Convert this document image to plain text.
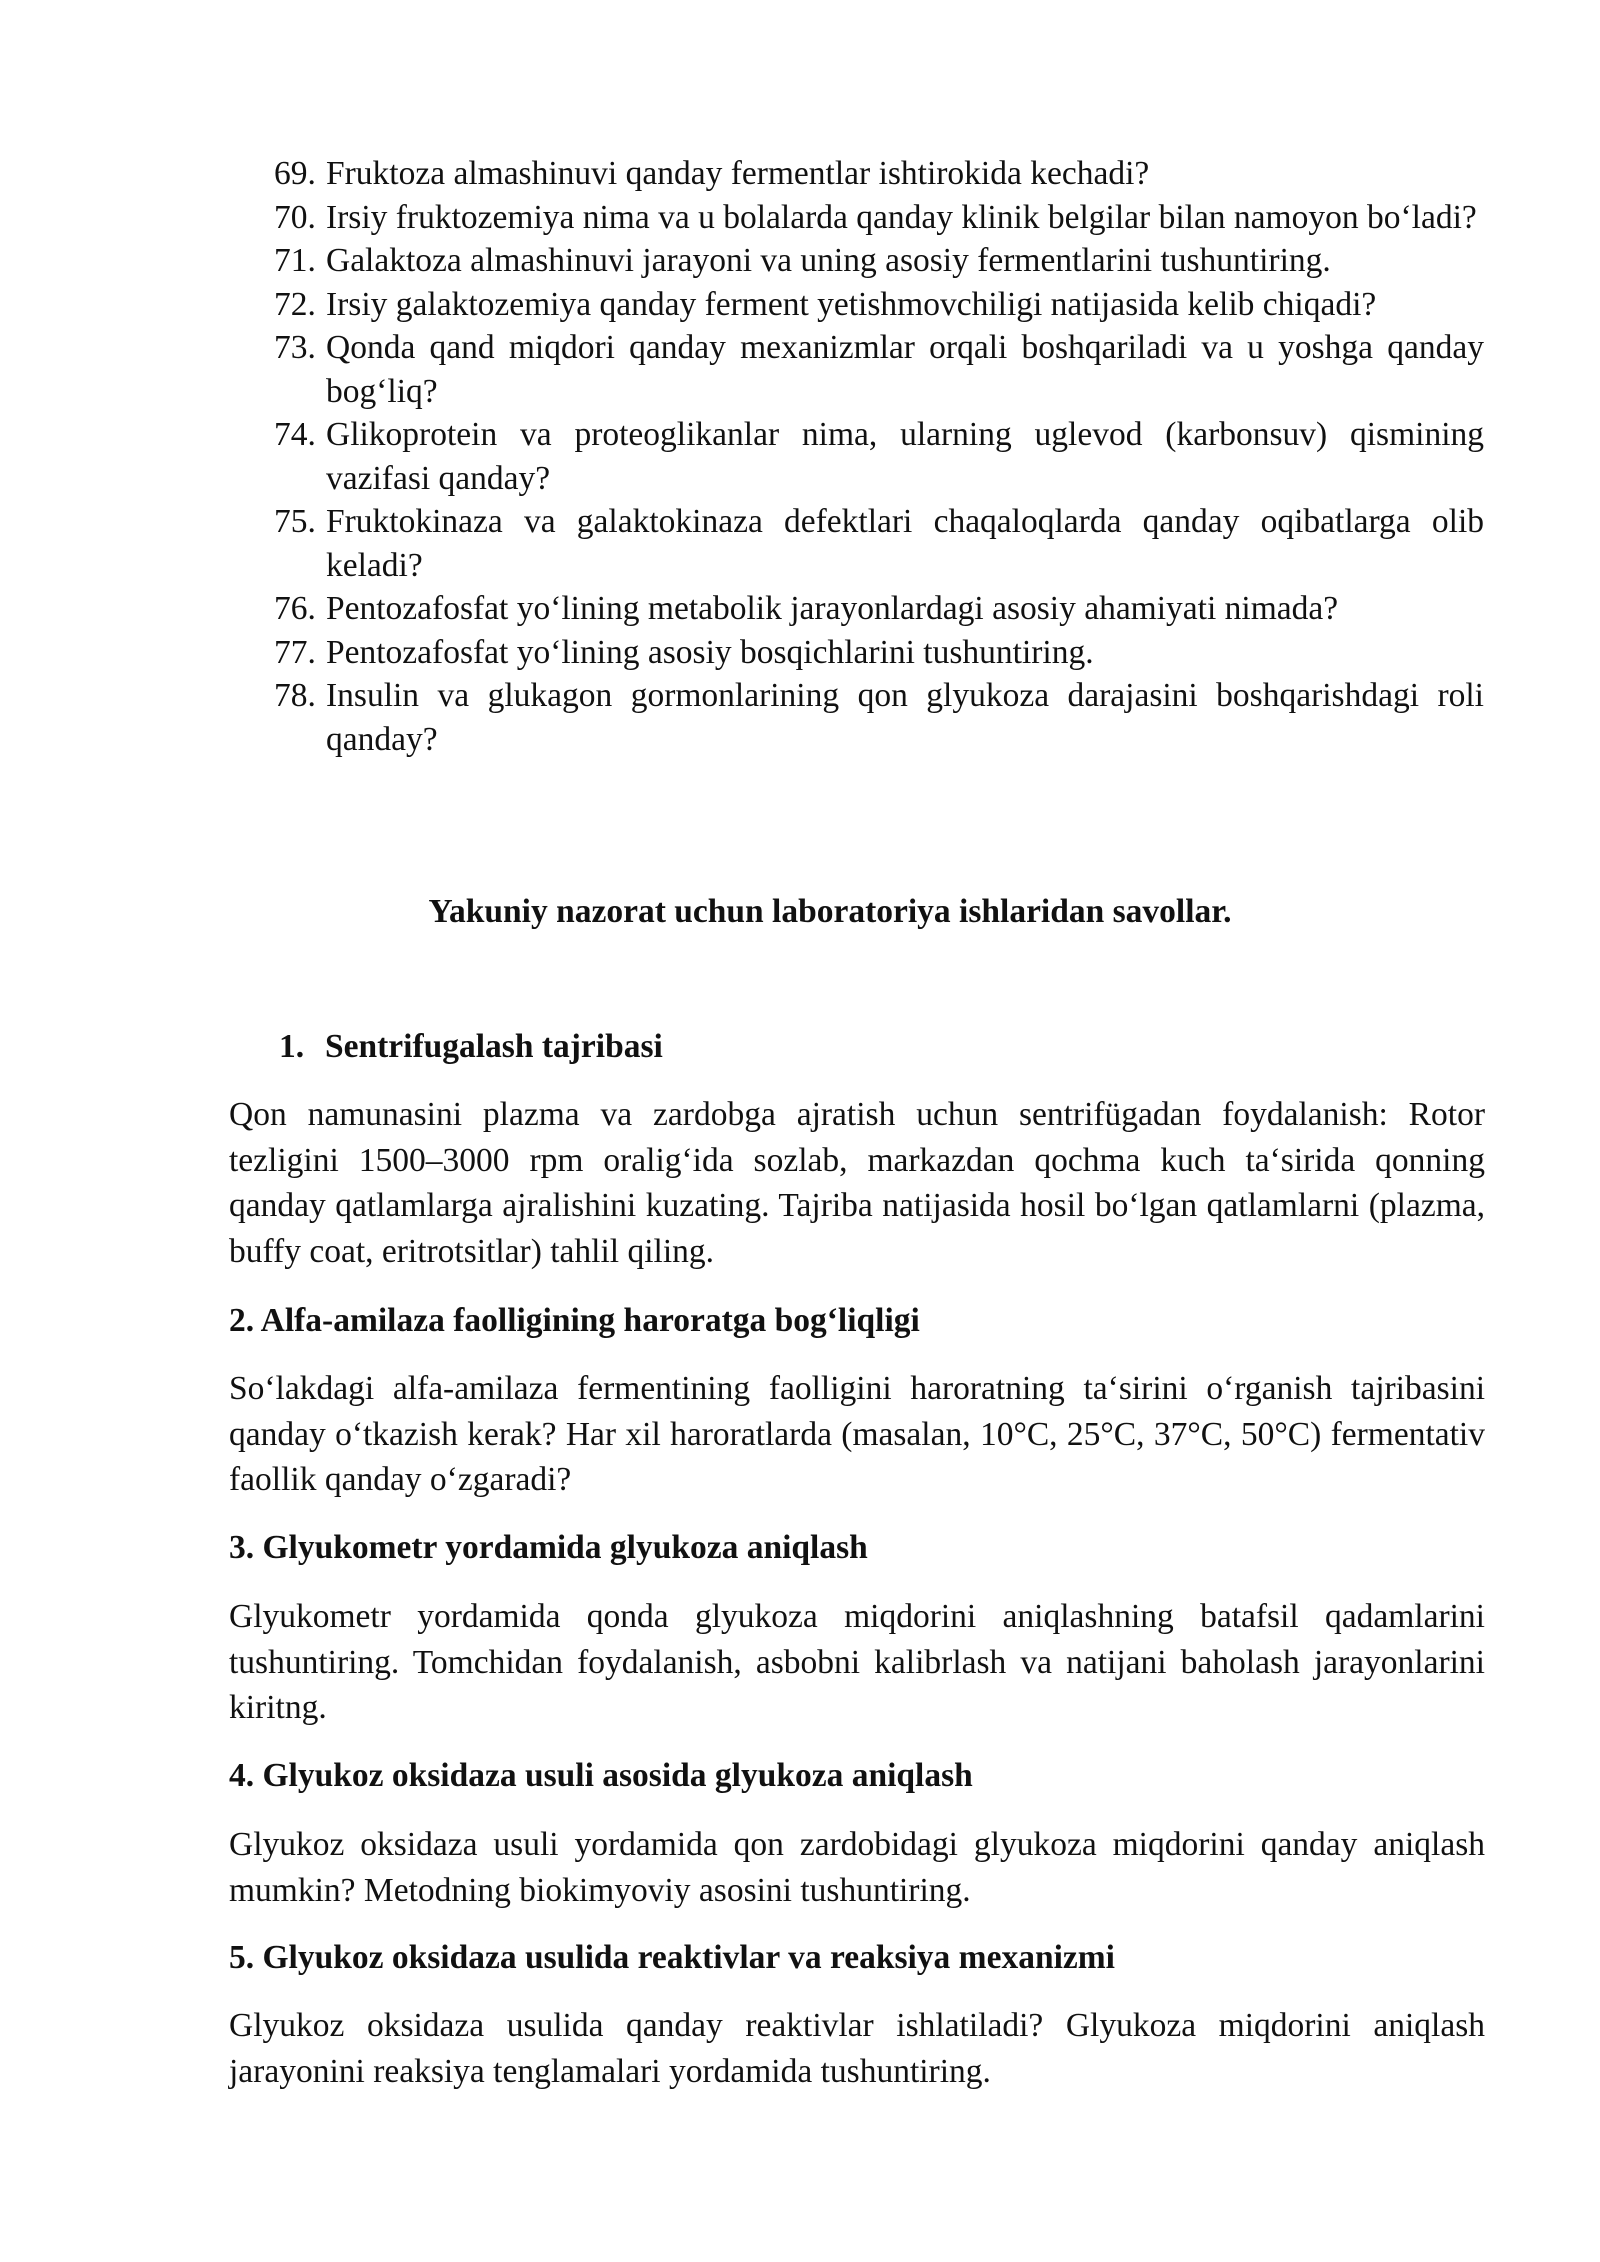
69. Fruktoza almashinuvi qanday fermentlar ishtirokida kechadi?
70. Irsiy fruktozemiya nima va u bolalarda qanday klinik belgilar bilan namoyon bo‘ladi?
71. Galaktoza almashinuvi jarayoni va uning asosiy fermentlarini tushuntiring.
72. Irsiy galaktozemiya qanday ferment yetishmovchiligi natijasida kelib chiqadi?
73. Qonda qand miqdori qanday mexanizmlar orqali boshqariladi va u yoshga qanday bog‘liq?
74. Glikoprotein va proteoglikanlar nima, ularning uglevod (karbonsuv) qismining vazifasi qanday?
75. Fruktokinaza va galaktokinaza defektlari chaqaloqlarda qanday oqibatlarga olib keladi?
76. Pentozafosfat yo‘lining metabolik jarayonlardagi asosiy ahamiyati nimada?
77. Pentozafosfat yo‘lining asosiy bosqichlarini tushuntiring.
78. Insulin va glukagon gormonlarining qon glyukoza darajasini boshqarishdagi roli qanday?
Yakuniy nazorat uchun laboratoriya ishlaridan savollar.
1. Sentrifugalash tajribasi

Qon namunasini plazma va zardobga ajratish uchun sentrifügadan foydalanish: Rotor tezligini 1500–3000 rpm oralig‘ida sozlab, markazdan qochma kuch ta‘sirida qonning qanday qatlamlarga ajralishini kuzating. Tajriba natijasida hosil bo‘lgan qatlamlarni (plazma, buffy coat, eritrotsitlar) tahlil qiling.

2. Alfa-amilaza faolligining haroratga bog‘liqligi

So‘lakdagi alfa-amilaza fermentining faolligini haroratning ta‘sirini o‘rganish tajribasini qanday o‘tkazish kerak? Har xil haroratlarda (masalan, 10°C, 25°C, 37°C, 50°C) fermentativ faollik qanday o‘zgaradi?

3. Glyukometr yordamida glyukoza aniqlash

Glyukometr yordamida qonda glyukoza miqdorini aniqlashning batafsil qadamlarini tushuntiring. Tomchidan foydalanish, asbobni kalibrlash va natijani baholash jarayonlarini kiritng.

4. Glyukoz oksidaza usuli asosida glyukoza aniqlash

Glyukoz oksidaza usuli yordamida qon zardobidagi glyukoza miqdorini qanday aniqlash mumkin? Metodning biokimyoviy asosini tushuntiring.

5. Glyukoz oksidaza usulida reaktivlar va reaksiya mexanizmi

Glyukoz oksidaza usulida qanday reaktivlar ishlatiladi? Glyukoza miqdorini aniqlash jarayonini reaksiya tenglamalari yordamida tushuntiring.
